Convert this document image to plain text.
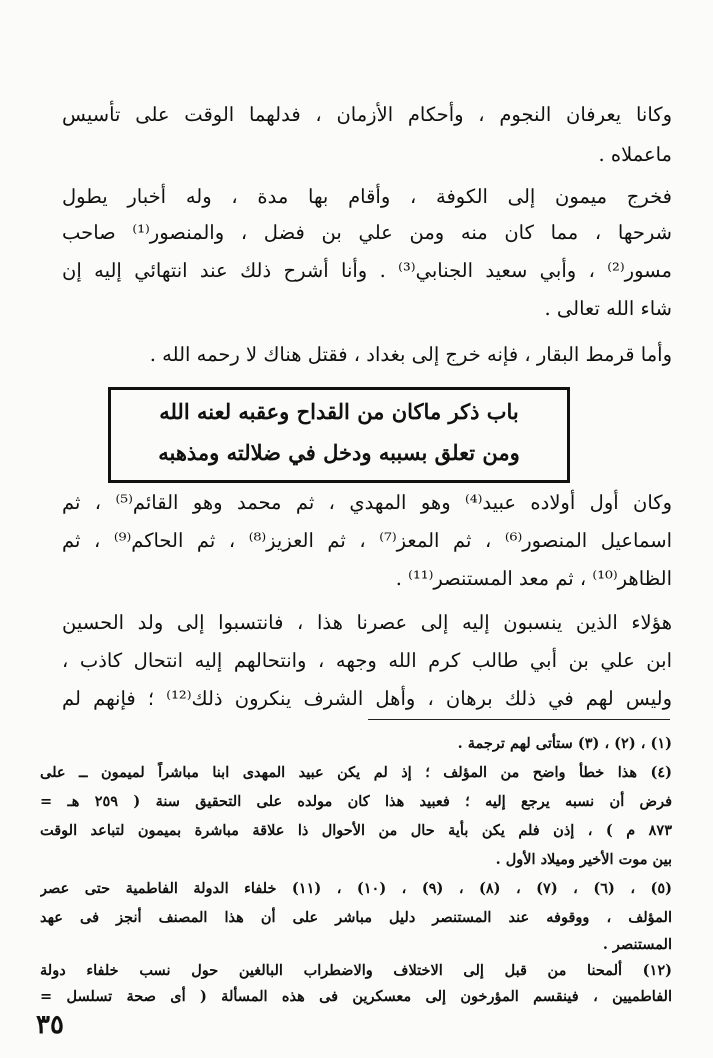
وكانا يعرفان النجوم ، وأحكام الأزمان ، فدلهما الوقت على تأسيس
ماعملاه .
فخرج ميمون إلى الكوفة ، وأقام بها مدة ، وله أخبار يطول
شرحها ، مما كان منه ومن علي بن فضل ، والمنصور⁽¹⁾ صاحب
مسور⁽²⁾ ، وأبي سعيد الجنابي⁽³⁾ . وأنا أشرح ذلك عند انتهائي إليه إن
شاء الله تعالى .
وأما قرمط البقار ، فإنه خرج إلى بغداد ، فقتل هناك لا رحمه الله .
باب ذكر ماكان من القداح وعقبه لعنه الله
ومن تعلق بسببه ودخل في ضلالته ومذهبه
وكان أول أولاده عبيد⁽⁴⁾ وهو المهدي ، ثم محمد وهو القائم⁽⁵⁾ ، ثم
اسماعيل المنصور⁽⁶⁾ ، ثم المعز⁽⁷⁾ ، ثم العزيز⁽⁸⁾ ، ثم الحاكم⁽⁹⁾ ، ثم
الظاهر⁽¹⁰⁾ ، ثم معد المستنصر⁽¹¹⁾ .
هؤلاء الذين ينسبون إليه إلى عصرنا هذا ، فانتسبوا إلى ولد الحسين
ابن علي بن أبي طالب كرم الله وجهه ، وانتحالهم إليه انتحال كاذب ،
وليس لهم في ذلك برهان ، وأهل الشرف ينكرون ذلك⁽¹²⁾ ؛ فإنهم لم
(١) ، (٢) ، (٣) ستأتى لهم ترجمة .
(٤) هذا خطأ واضح من المؤلف ؛ إذ لم يكن عبيد المهدى ابنا مباشراً لميمون ــ على
فرض أن نسبه يرجع إليه ؛ فعبيد هذا كان مولده على التحقيق سنة ( ٢٥٩ هـ =
٨٧٣ م ) ، إذن فلم يكن بأية حال من الأحوال ذا علاقة مباشرة بميمون لتباعد الوقت
بين موت الأخير وميلاد الأول .
(٥) ، (٦) ، (٧) ، (٨) ، (٩) ، (١٠) ، (١١) خلفاء الدولة الفاطمية حتى عصر
المؤلف ، ووقوفه عند المستنصر دليل مباشر على أن هذا المصنف أنجز فى عهد
المستنصر .
(١٢) ألمحنا من قبل إلى الاختلاف والاضطراب البالغين حول نسب خلفاء دولة
الفاطميين ، فينقسم المؤرخون إلى معسكرين فى هذه المسألة ( أى صحة تسلسل =
٣٥
